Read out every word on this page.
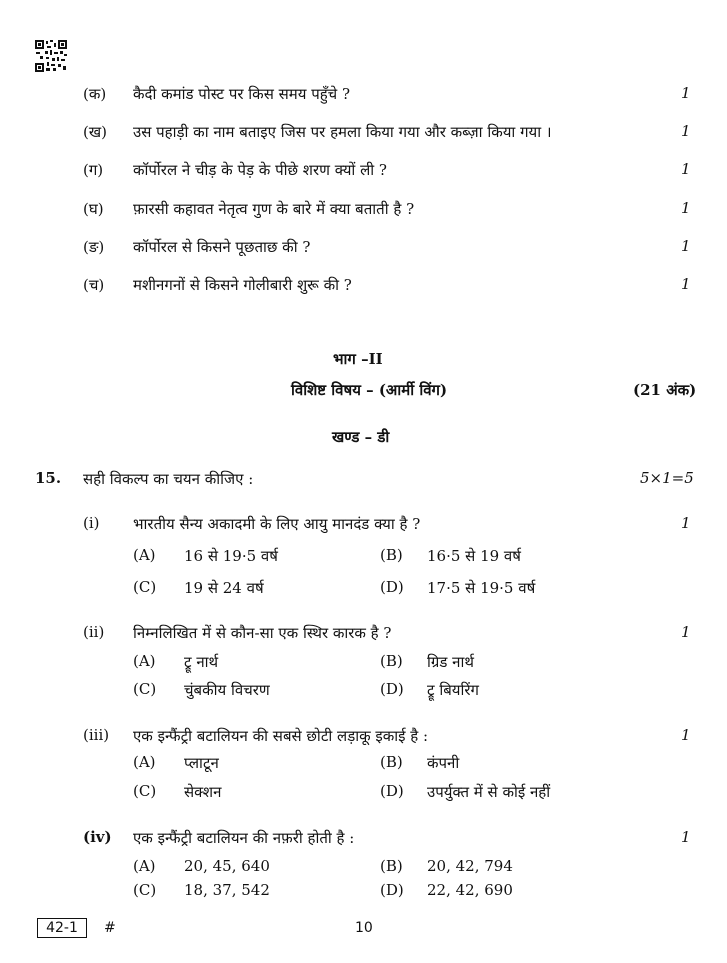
(क) कैदी कमांड पोस्ट पर किस समय पहुँचे ?	1
(ख) उस पहाड़ी का नाम बताइए जिस पर हमला किया गया और कब्ज़ा किया गया ।	1
(ग) कॉर्पोरल ने चीड़ के पेड़ के पीछे शरण क्यों ली ?	1
(घ) फ़ारसी कहावत नेतृत्व गुण के बारे में क्या बताती है ?	1
(ङ) कॉर्पोरल से किसने पूछताछ की ?	1
(च) मशीनगनों से किसने गोलीबारी शुरू की ?	1
भाग –II
विशिष्ट विषय – (आर्मी विंग)	(21 अंक)
खण्ड – डी
15. सही विकल्प का चयन कीजिए :	5×1=5
(i) भारतीय सैन्य अकादमी के लिए आयु मानदंड क्या है ?	1
(A) 16 से 19·5 वर्ष	(B) 16·5 से 19 वर्ष
(C) 19 से 24 वर्ष	(D) 17·5 से 19·5 वर्ष
(ii) निम्नलिखित में से कौन-सा एक स्थिर कारक है ?	1
(A) ट्रू नार्थ	(B) ग्रिड नार्थ
(C) चुंबकीय विचरण	(D) ट्रू बियरिंग
(iii) एक इन्फैंट्री बटालियन की सबसे छोटी लड़ाकू इकाई है :	1
(A) प्लाटून	(B) कंपनी
(C) सेक्शन	(D) उपर्युक्त में से कोई नहीं
(iv) एक इन्फैंट्री बटालियन की नफ़री होती है :	1
(A) 20, 45, 640	(B) 20, 42, 794
(C) 18, 37, 542	(D) 22, 42, 690
42-1	#	10
